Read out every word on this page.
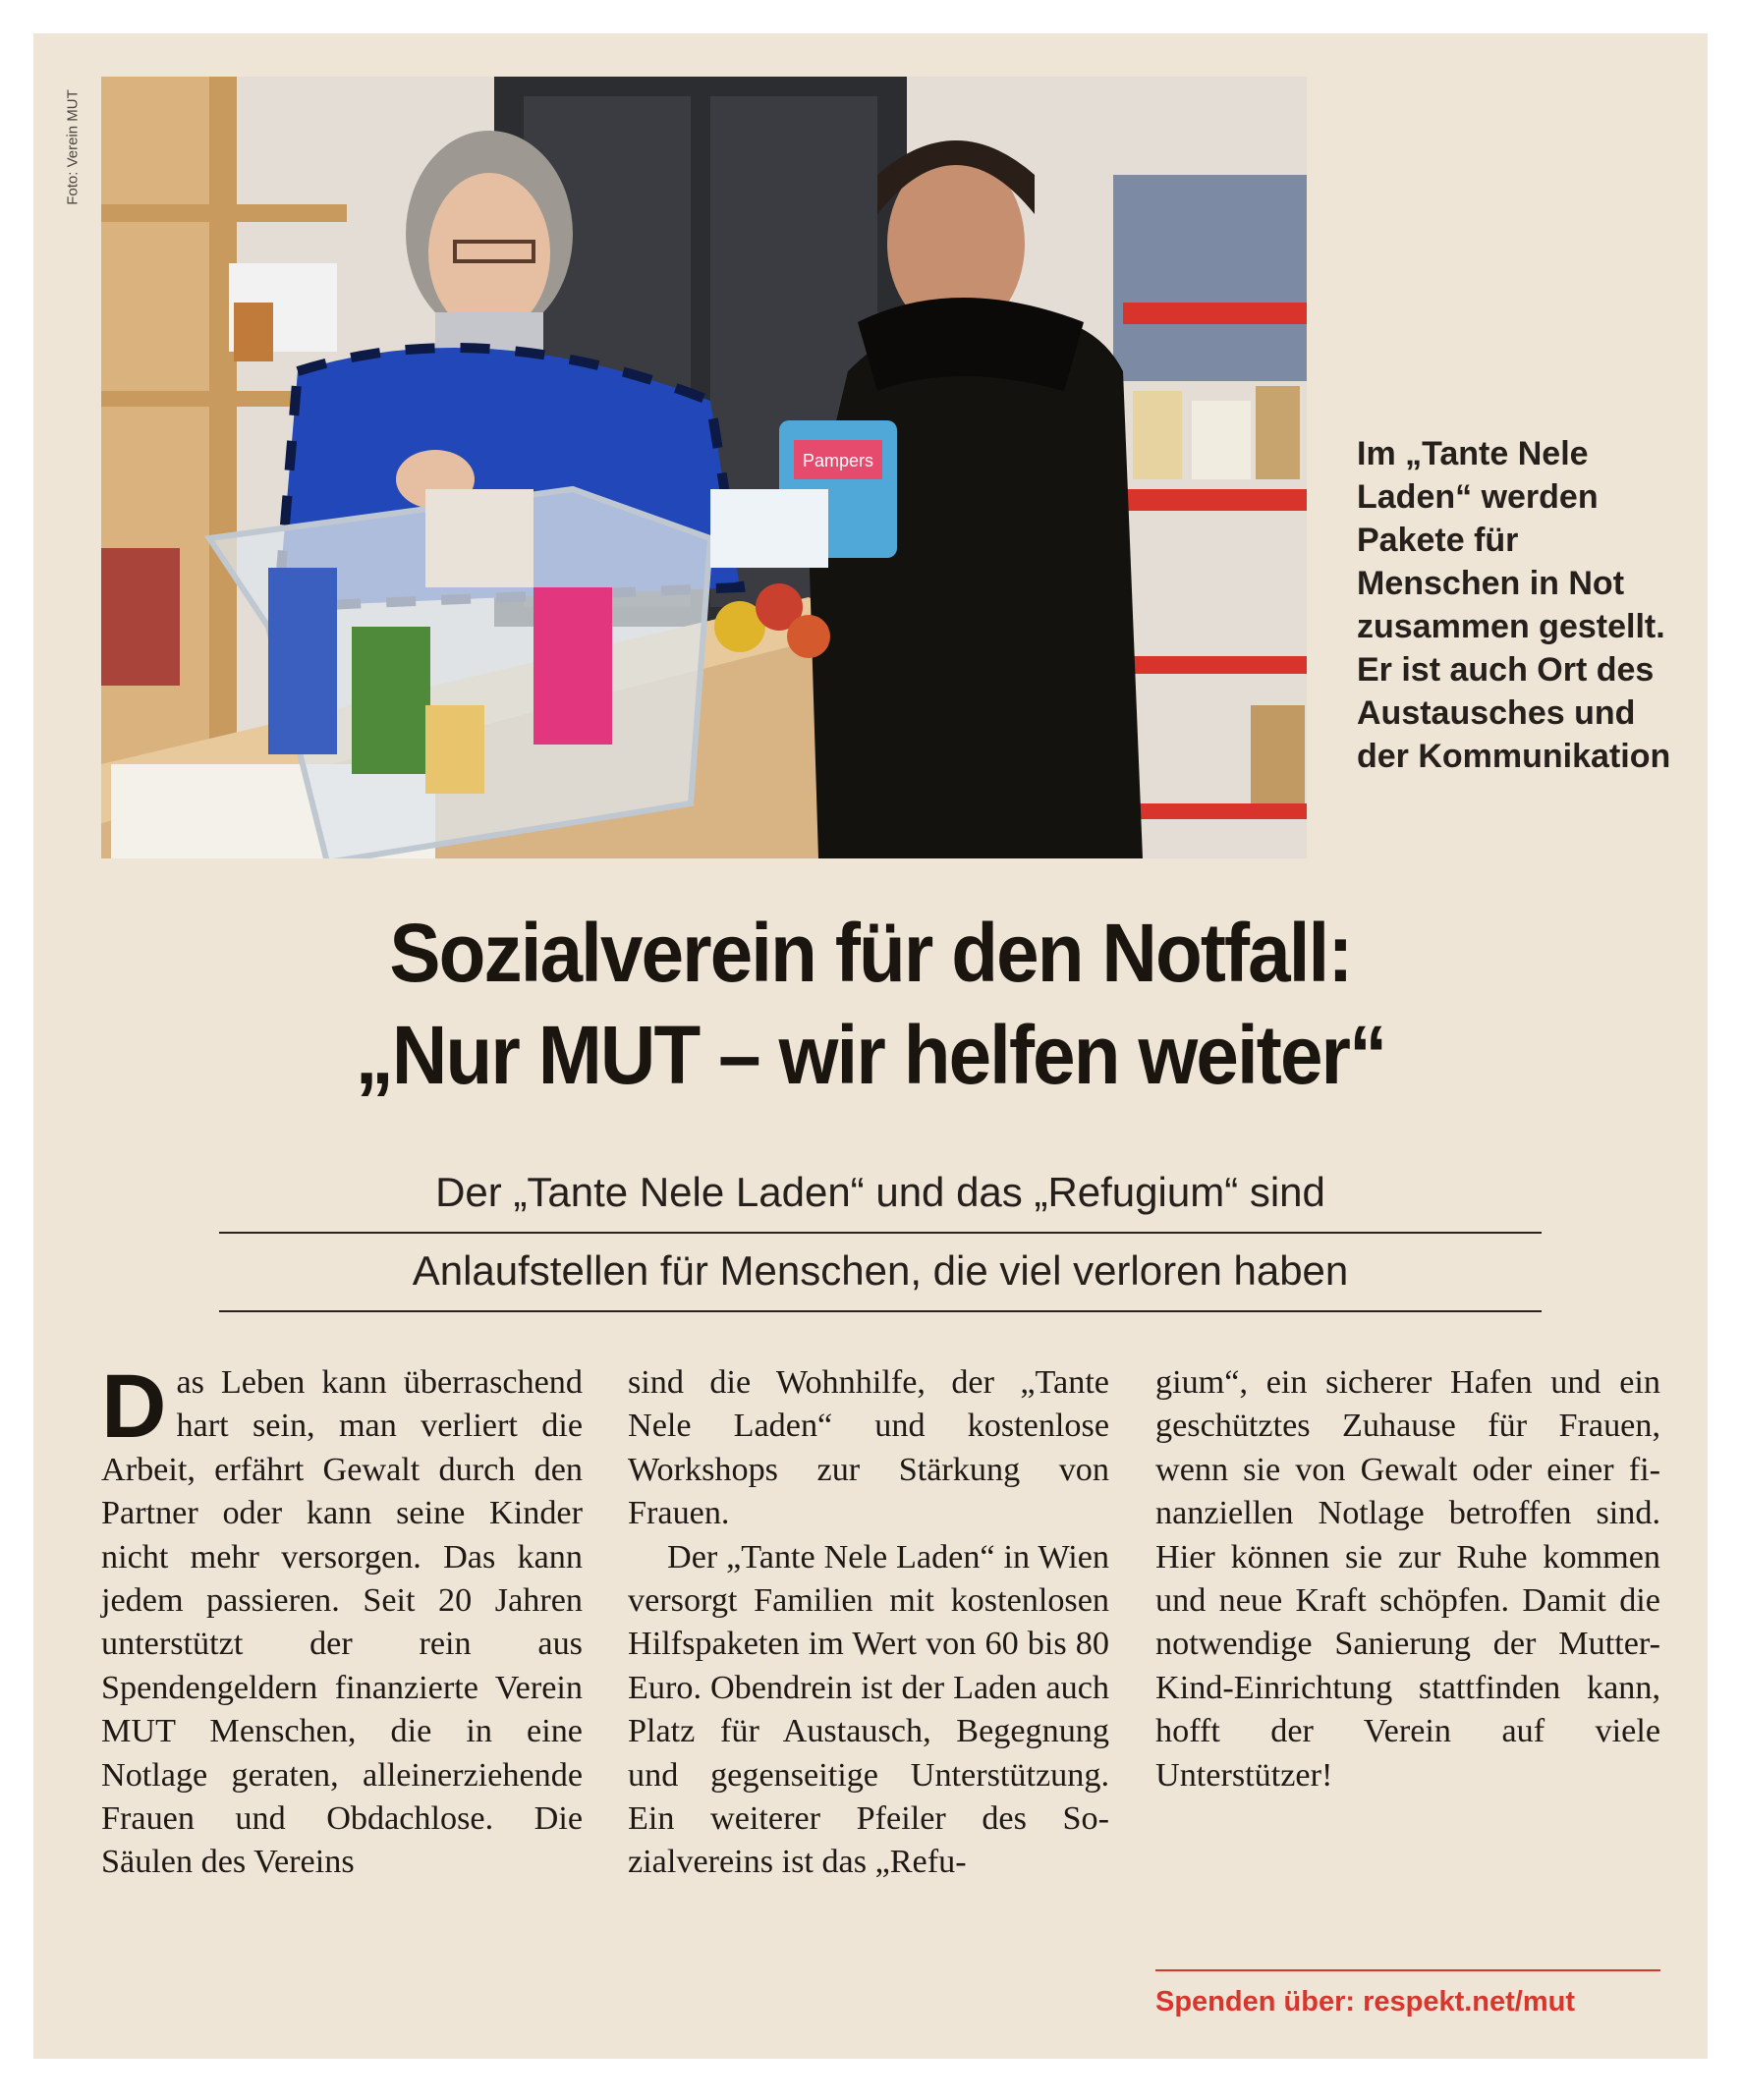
Foto: Verein MUT
Pampers	Im „Tante Nele Laden“ werden Pakete für Menschen in Not zusammen gestellt. Er ist auch Ort des Austausches und der Kommunikation
Sozialverein für den Notfall:
„Nur MUT – wir helfen weiter“
Der „Tante Nele Laden“ und das „Refugium“ sind
Anlaufstellen für Menschen, die viel verloren haben
D as Leben kann überraschend hart sein, man verliert die Arbeit, erfährt Gewalt durch den Partner oder kann seine Kinder nicht mehr versorgen. Das kann jedem passieren. Seit 20 Jahren unterstützt der rein aus Spendengeldern finanzierte Verein MUT Menschen, die in eine Notlage geraten, alleinerziehende Frauen und Obdachlose. Die Säulen des Vereins

sind die Wohnhilfe, der „Tante Nele Laden“ und kostenlose Workshops zur Stärkung von Frauen.

Der „Tante Nele Laden“ in Wien versorgt Familien mit kostenlosen Hilfspaketen im Wert von 60 bis 80 Euro. Obendrein ist der Laden auch Platz für Austausch, Begegnung und gegenseitige Unterstützung. Ein weiterer Pfeiler des Sozialvereins ist das „Refu-

gium“, ein sicherer Hafen und ein geschütztes Zuhause für Frauen, wenn sie von Gewalt oder einer finanziellen Notlage betroffen sind. Hier können sie zur Ruhe kommen und neue Kraft schöpfen. Damit die notwendige Sanierung der Mutter-Kind-Einrichtung stattfinden kann, hofft der Verein auf viele Unterstützer!

Spenden über: respekt.net/mut
